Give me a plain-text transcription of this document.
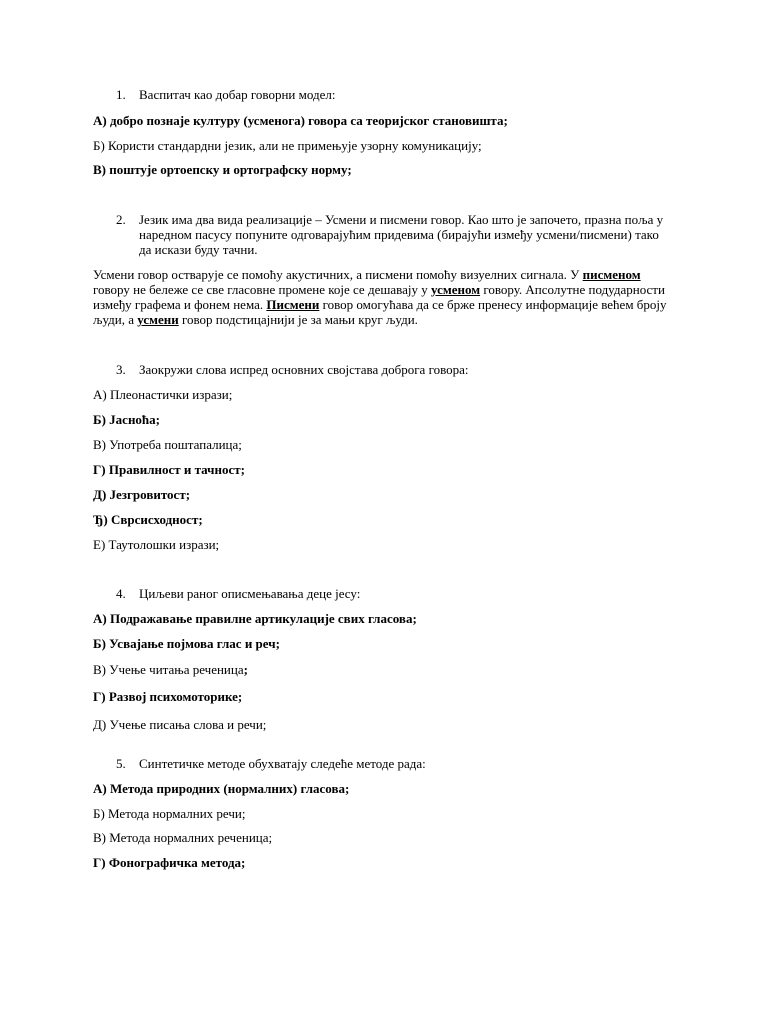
1. Васпитач као добар говорни модел:
А) добро познаје културу (усменога) говора са теоријског становишта;
Б) Користи стандардни језик, али не примењује узорну комуникацију;
В) поштује ортоепску и ортографску норму;
2. Језик има два вида реализације – Усмени и писмени говор. Као што је започето, празна поља у наредном пасусу попуните одговарајућим придевима (бирајући између усмени/писмени) тако да искази буду тачни.
Усмени говор остварује се помоћу акустичних, а писмени помоћу визуелних сигнала. У писменом говору не бележе се све гласовне промене које се дешавају у усменом говору. Апсолутне подударности између графема и фонем нема. Писмени говор омогућава да се брже пренесу информације већем броју људи, а усмени говор подстицајнији је за мањи круг људи.
3. Заокружи слова испред основних својстава доброга говора:
А) Плеонастички изрази;
Б) Јасноћа;
В) Употреба поштапалица;
Г) Правилност и тачност;
Д) Језгровитост;
Ђ) Сврсисходност;
Е) Таутолошки изрази;
4. Циљеви раног описмењавања деце јесу:
А) Подражавање правилне артикулације свих гласова;
Б) Усвајање појмова глас и реч;
В) Учење читања реченица;
Г) Развој психомоторике;
Д) Учење писања слова и речи;
5. Синтетичке методе обухватају следеће методе рада:
А) Метода природних (нормалних) гласова;
Б) Метода нормалних речи;
В) Метода нормалних реченица;
Г) Фонографичка метода;
